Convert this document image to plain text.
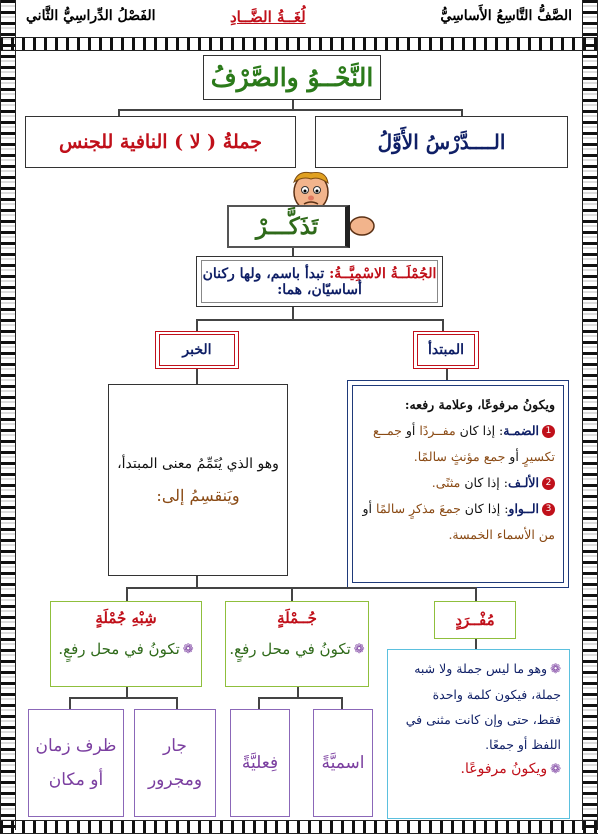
الصَّفُّ التَّاسِعُ الأَساسِيُّ
لُغَــةُ الضَّــادِ
الفَصْلُ الدِّراسِيُّ الثَّاني
النَّحْــوُ والصَّرْفُ
الــــدَّرْسُ الأَوَّلُ
جملةُ ( لا ) النافية للجنس
تَذَكَّـــرْ
الجُمْلَــةُ الاسْمِيَّــةُ: تبدأ باسم، ولها ركنان أساسيّان، هما:
المبتدأ
الخبر
ويكونُ مرفوعًا، وعلامة رفعه:
1الضمـة: إذا كان مفــردًا أو جمــع تكسيرٍ أو جمع مؤنثٍ سالمًا.
2الألـف: إذا كان مثنًى.
3الــواو: إذا كان جمعَ مذكرٍ سالمًا أو من الأسماء الخمسة.
وهو الذي يُتَمِّمُ معنى المبتدأ،
ويَنقسِمُ إلى:
مُفْــرَدٍ
جُــمْلَةٍ
❁
تكونُ في محل رفعٍ.
شِبْهِ جُمْلَةٍ
❁
تكونُ في محل رفعٍ.
❁وهو ما ليس جملة ولا شبه
جملة، فيكون كلمة واحدة
فقط، حتى وإن كانت مثنى في
اللفظ أو جمعًا.
❁ويكونُ مرفوعًا.
اسميَّةً
فِعليَّةً
جار
ومجرور
ظرف زمان
أو مكان
